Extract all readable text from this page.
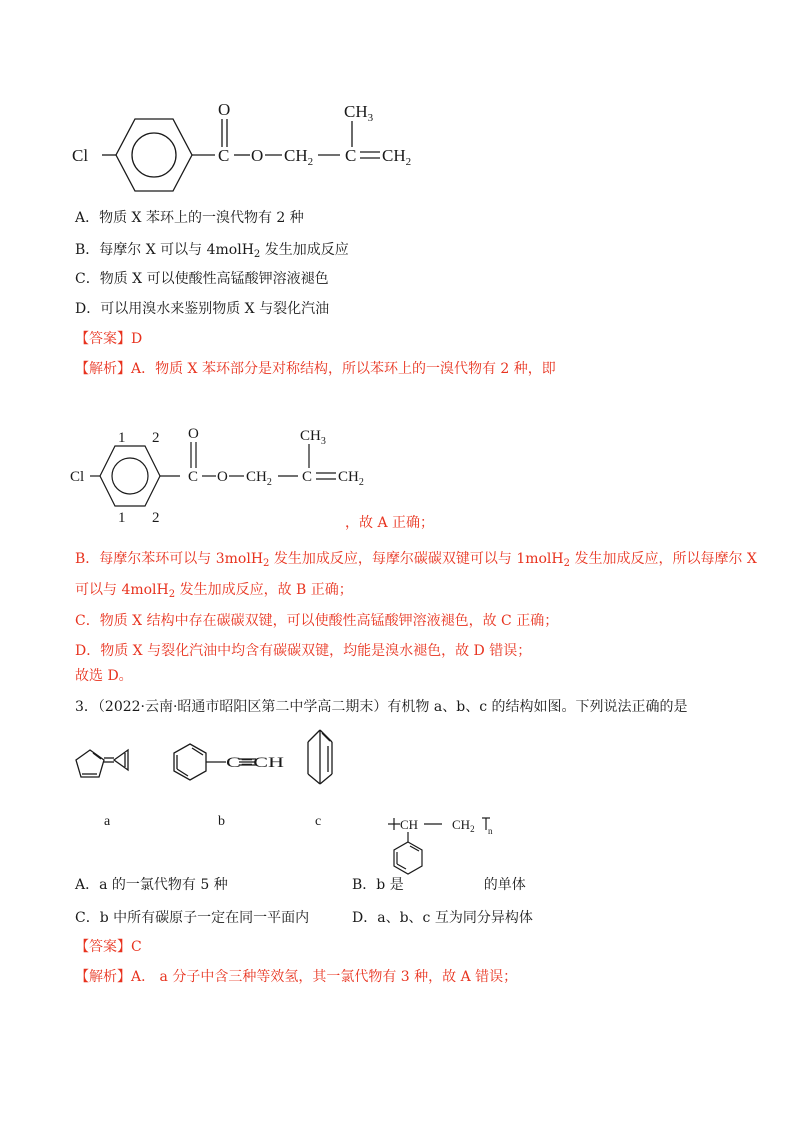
Cl
O
C O $CH_2$ C $CH_2$
$CH_3$
A．物质 X 苯环上的一溴代物有 2 种
B．每摩尔 X 可以与 4molH$_2$ 发生加成反应
C．物质 X 可以使酸性高锰酸钾溶液褪色
D．可以用溴水来鉴别物质 X 与裂化汽油
【答案】D
【解析】A．物质 X 苯环部分是对称结构，所以苯环上的一溴代物有 2 种，即
1 2
1 2
Cl
O
C O $CH_2$ C $CH_2$
$CH_3$
，故 A 正确；
B．每摩尔苯环可以与 3molH$_2$ 发生加成反应，每摩尔碳碳双键可以与 1molH$_2$ 发生加成反应，所以每摩尔 X
可以与 4molH$_2$ 发生加成反应，故 B 正确；
C．物质 X 结构中存在碳碳双键，可以使酸性高锰酸钾溶液褪色，故 C 正确；
D．物质 X 与裂化汽油中均含有碳碳双键，均能是溴水褪色，故 D 错误；
故选 D。
3．（2022·云南·昭通市昭阳区第二中学高二期末）有机物 a、b、c 的结构如图。下列说法正确的是
C≡CH
a	b	c	CH	$CH_2$ n
A．a 的一氯代物有 5 种	B．b 是	的单体
C．b 中所有碳原子一定在同一平面内	D．a、b、c 互为同分异构体
【答案】C
【解析】A． a 分子中含三种等效氢，其一氯代物有 3 种，故 A 错误；
